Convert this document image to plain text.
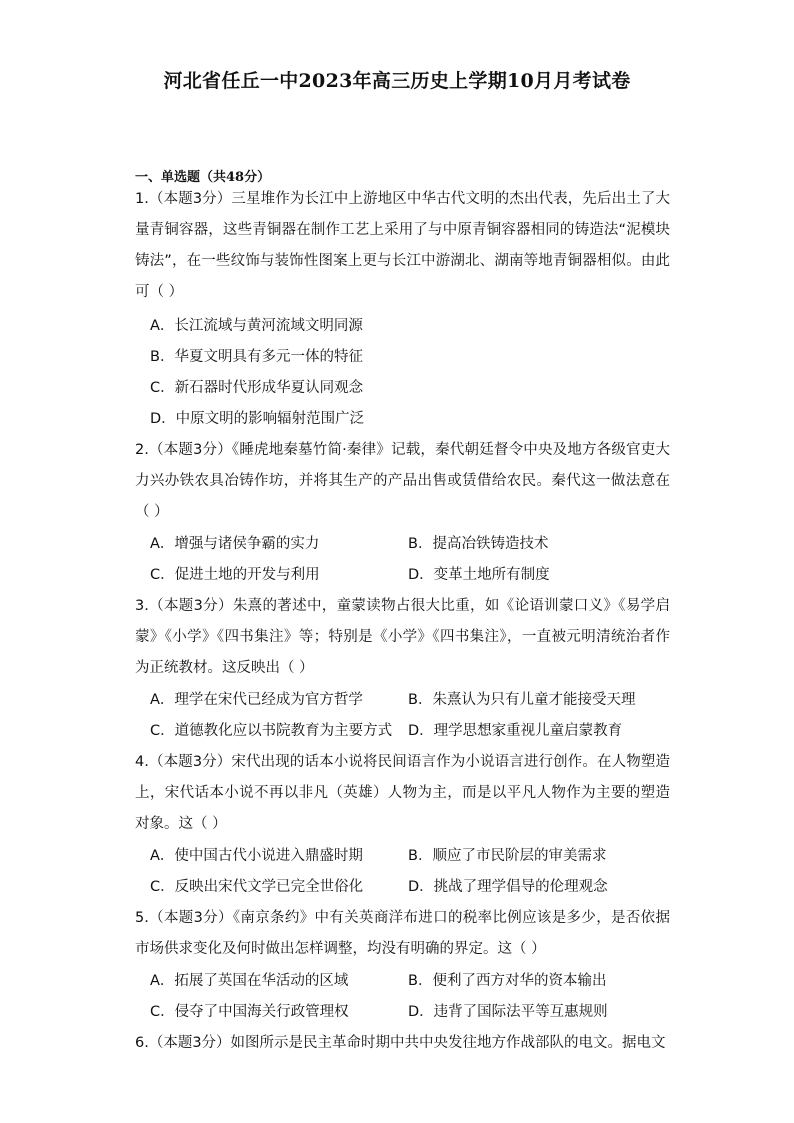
河北省任丘一中2023年高三历史上学期10月月考试卷
一、单选题（共48分）
1.（本题3分）三星堆作为长江中上游地区中华古代文明的杰出代表，先后出土了大量青铜容器，这些青铜器在制作工艺上采用了与中原青铜容器相同的铸造法“泥模块铸法”，在一些纹饰与装饰性图案上更与长江中游湖北、湖南等地青铜器相似。由此可（ ）
A．长江流域与黄河流域文明同源
B．华夏文明具有多元一体的特征
C．新石器时代形成华夏认同观念
D．中原文明的影响辐射范围广泛
2.（本题3分）《睡虎地秦墓竹简·秦律》记载，秦代朝廷督令中央及地方各级官吏大力兴办铁农具冶铸作坊，并将其生产的产品出售或赁借给农民。秦代这一做法意在（ ）
A．增强与诸侯争霸的实力	B．提高冶铁铸造技术
C．促进土地的开发与利用	D．变革土地所有制度
3.（本题3分）朱熹的著述中，童蒙读物占很大比重，如《论语训蒙口义》《易学启蒙》《小学》《四书集注》等；特别是《小学》《四书集注》，一直被元明清统治者作为正统教材。这反映出（ ）
A．理学在宋代已经成为官方哲学	B．朱熹认为只有儿童才能接受天理
C．道德教化应以书院教育为主要方式 D．理学思想家重视儿童启蒙教育
4.（本题3分）宋代出现的话本小说将民间语言作为小说语言进行创作。在人物塑造上，宋代话本小说不再以非凡（英雄）人物为主，而是以平凡人物作为主要的塑造对象。这（ ）
A．使中国古代小说进入鼎盛时期	B．顺应了市民阶层的审美需求
C．反映出宋代文学已完全世俗化	D．挑战了理学倡导的伦理观念
5.（本题3分）《南京条约》中有关英商洋布进口的税率比例应该是多少，是否依据市场供求变化及何时做出怎样调整，均没有明确的界定。这（ ）
A．拓展了英国在华活动的区域	B．便利了西方对华的资本输出
C．侵夺了中国海关行政管理权	D．违背了国际法平等互惠规则
6.（本题3分）如图所示是民主革命时期中共中央发往地方作战部队的电文。据电文
